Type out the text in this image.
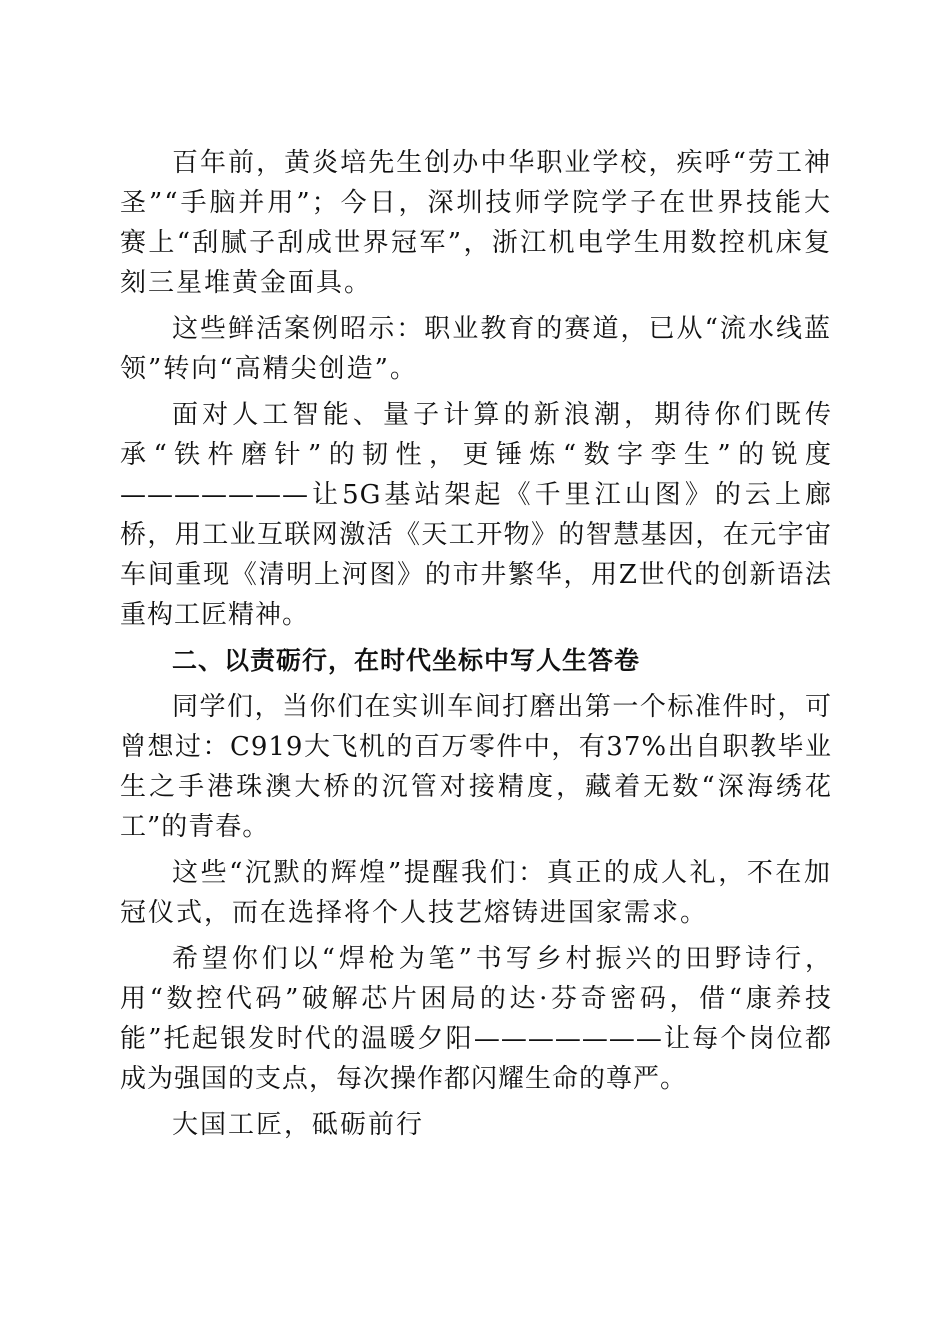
百年前，黄炎培先生创办中华职业学校，疾呼“劳工神圣”“手脑并用”；今日，深圳技师学院学子在世界技能大赛上“刮腻子刮成世界冠军”，浙江机电学生用数控机床复刻三星堆黄金面具。

这些鲜活案例昭示：职业教育的赛道，已从“流水线蓝领”转向“高精尖创造”。

面对人工智能、量子计算的新浪潮，期待你们既传承“铁杵磨针”的韧性，更锤炼“数字孪生”的锐度———————让5G基站架起《千里江山图》的云上廊桥，用工业互联网激活《天工开物》的智慧基因，在元宇宙车间重现《清明上河图》的市井繁华，用Z世代的创新语法重构工匠精神。

二、以责砺行，在时代坐标中写人生答卷

同学们，当你们在实训车间打磨出第一个标准件时，可曾想过：C919大飞机的百万零件中，有37%出自职教毕业生之手港珠澳大桥的沉管对接精度，藏着无数“深海绣花工”的青春。

这些“沉默的辉煌”提醒我们：真正的成人礼，不在加冠仪式，而在选择将个人技艺熔铸进国家需求。

希望你们以“焊枪为笔”书写乡村振兴的田野诗行，用“数控代码”破解芯片困局的达·芬奇密码，借“康养技能”托起银发时代的温暖夕阳———————让每个岗位都成为强国的支点，每次操作都闪耀生命的尊严。

大国工匠，砥砺前行
